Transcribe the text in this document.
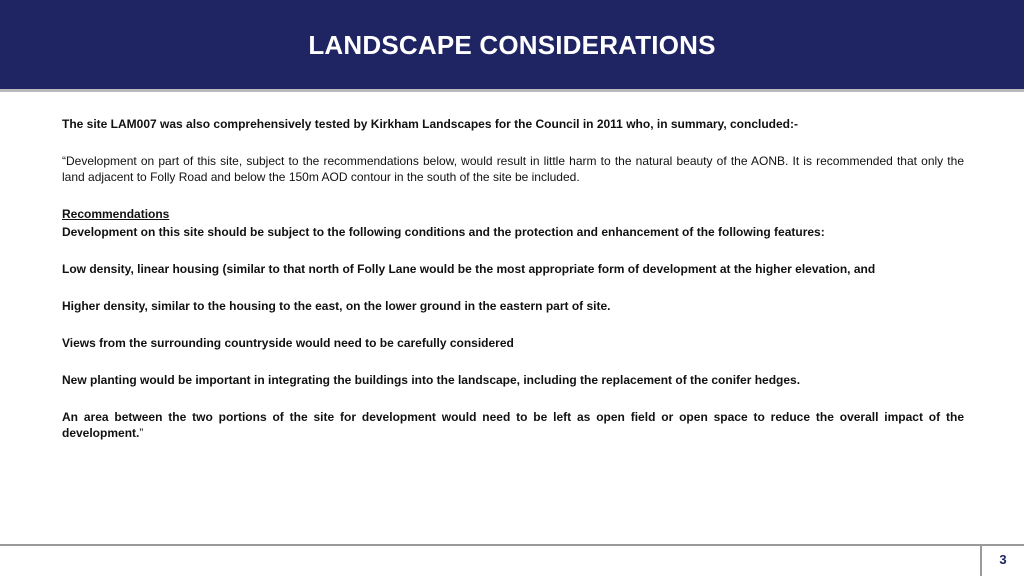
LANDSCAPE CONSIDERATIONS

The site LAM007 was also comprehensively tested by Kirkham Landscapes for the Council in 2011 who, in summary, concluded:-

“Development on part of this site, subject to the recommendations below, would result in little harm to the natural beauty of the AONB. It is recommended that only the land adjacent to Folly Road and below the 150m AOD contour in the south of the site be included.

Recommendations

Development on this site should be subject to the following conditions and the protection and enhancement of the following features:

Low density, linear housing (similar to that north of Folly Lane would be the most appropriate form of development at the higher elevation, and

Higher density, similar to the housing to the east, on the lower ground in the eastern part of site.

Views from the surrounding countryside would need to be carefully considered

New planting would be important in integrating the buildings into the landscape, including the replacement of the conifer hedges.

An area between the two portions of the site for development would need to be left as open field or open space to reduce the overall impact of the development.”

3
